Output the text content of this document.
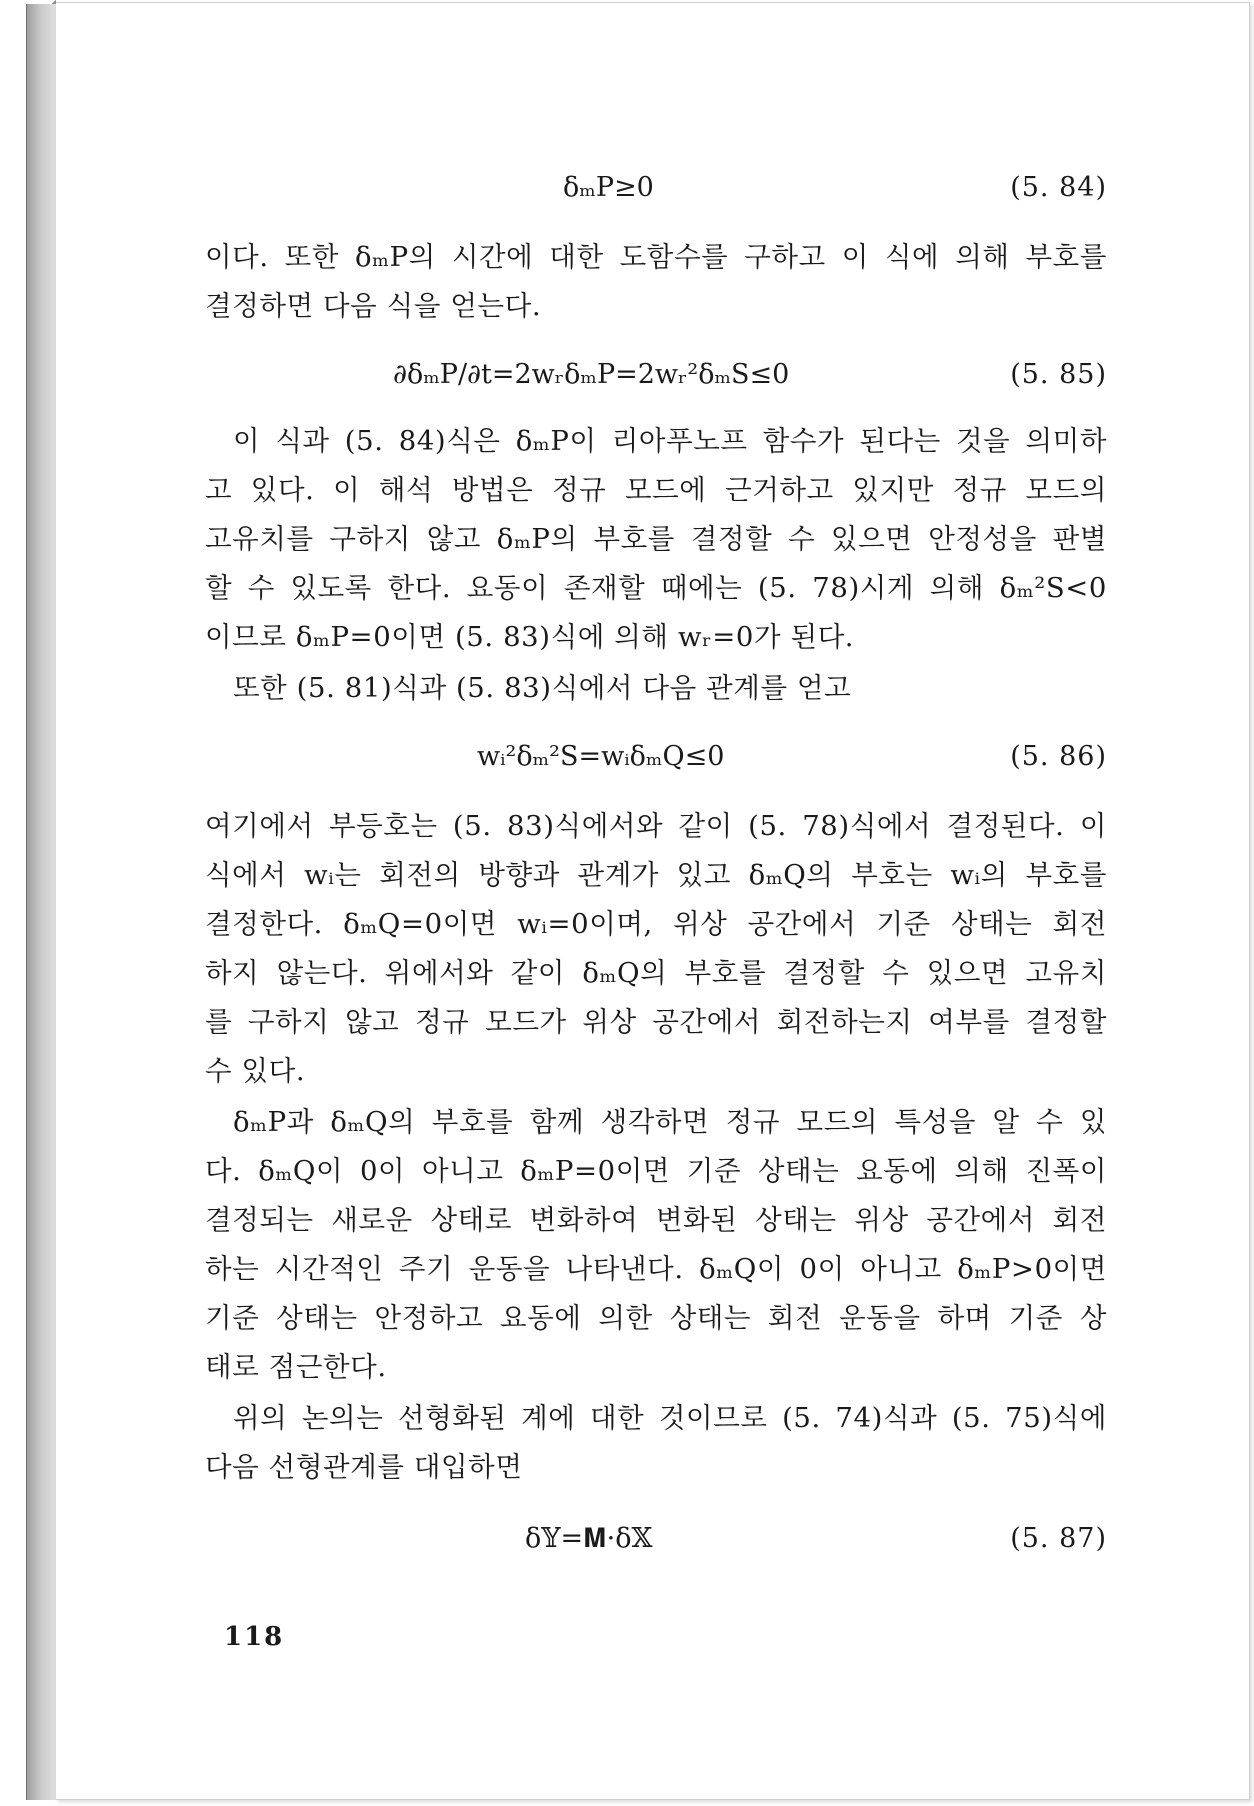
δₘP≥0	(5. 84)
이다. 또한 δₘP의 시간에 대한 도함수를 구하고 이 식에 의해 부호를
결정하면 다음 식을 얻는다.
∂δₘP/∂t=2wᵣδₘP=2wᵣ²δₘS≤0	(5. 85)
이 식과 (5. 84)식은 δₘP이 리아푸노프 함수가 된다는 것을 의미하
고 있다. 이 해석 방법은 정규 모드에 근거하고 있지만 정규 모드의
고유치를 구하지 않고 δₘP의 부호를 결정할 수 있으면 안정성을 판별
할 수 있도록 한다. 요동이 존재할 때에는 (5. 78)시게 의해 δₘ²S<0
이므로 δₘP=0이면 (5. 83)식에 의해 wᵣ=0가 된다.
또한 (5. 81)식과 (5. 83)식에서 다음 관계를 얻고
wᵢ²δₘ²S=wᵢδₘQ≤0	(5. 86)
여기에서 부등호는 (5. 83)식에서와 같이 (5. 78)식에서 결정된다. 이
식에서 wᵢ는 회전의 방향과 관계가 있고 δₘQ의 부호는 wᵢ의 부호를
결정한다. δₘQ=0이면 wᵢ=0이며, 위상 공간에서 기준 상태는 회전
하지 않는다. 위에서와 같이 δₘQ의 부호를 결정할 수 있으면 고유치
를 구하지 않고 정규 모드가 위상 공간에서 회전하는지 여부를 결정할
수 있다.
δₘP과 δₘQ의 부호를 함께 생각하면 정규 모드의 특성을 알 수 있
다. δₘQ이 0이 아니고 δₘP=0이면 기준 상태는 요동에 의해 진폭이
결정되는 새로운 상태로 변화하여 변화된 상태는 위상 공간에서 회전
하는 시간적인 주기 운동을 나타낸다. δₘQ이 0이 아니고 δₘP>0이면
기준 상태는 안정하고 요동에 의한 상태는 회전 운동을 하며 기준 상
태로 점근한다.
위의 논의는 선형화된 계에 대한 것이므로 (5. 74)식과 (5. 75)식에
다음 선형관계를 대입하면
δ𝕐=𝐌·δ𝕏	(5. 87)
118
